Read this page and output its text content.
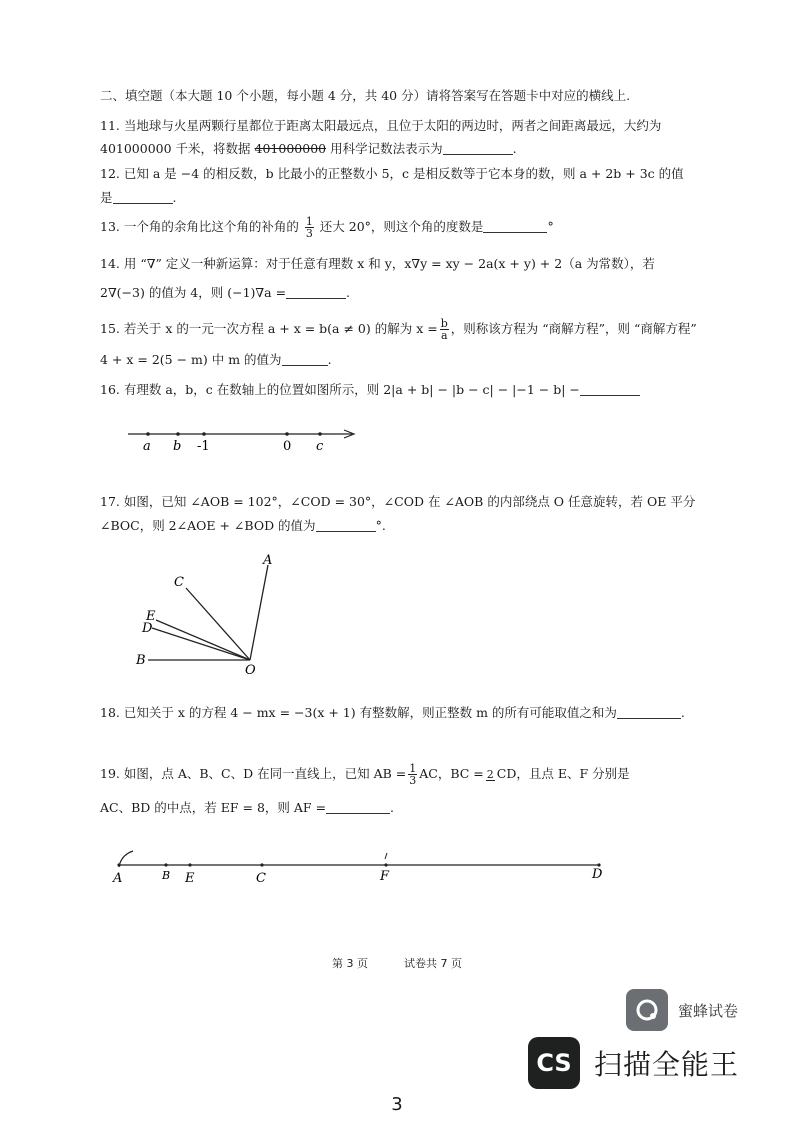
二、填空题（本大题 10 个小题，每小题 4 分，共 40 分）请将答案写在答题卡中对应的横线上.
11. 当地球与火星两颗行星都位于距离太阳最远点，且位于太阳的两边时，两者之间距离最远，大约为
401000000 千米，将数据 401000000 用科学记数法表示为	.
12. 已知 a 是 −4 的相反数，b 比最小的正整数小 5，c 是相反数等于它本身的数，则 a + 2b + 3c 的值
是	.
13. 一个角的余角比这个角的补角的 $\frac{1}{3}$ 还大 20°，则这个角的度数是	°
14. 用 “∇” 定义一种新运算：对于任意有理数 x 和 y，x∇y = xy − 2a(x + y) + 2（a 为常数），若
2∇(−3) 的值为 4，则 (−1)∇a =	.
15. 若关于 x 的一元一次方程 a + x = b(a ≠ 0) 的解为 $x = \frac{b}{a}$ ，则称该方程为 “商解方程”，则 “商解方程”
4 + x = 2(5 − m) 中 m 的值为	.
16. 有理数 a，b，c 在数轴上的位置如图所示，则 2|a + b| − |b − c| − |−1 − b| −
a b -1	0 c
17. 如图，已知 ∠AOB = 102°，∠COD = 30°，∠COD 在 ∠AOB 的内部绕点 O 任意旋转，若 OE 平分
∠BOC，则 2∠AOE + ∠BOD 的值为	°.
A
C
E
D
B
O
18. 已知关于 x 的方程 4 − mx = −3(x + 1) 有整数解，则正整数 m 的所有可能取值之和为	.
19. 如图，点 A、B、C、D 在同一直线上，已知 AB = $\frac{1}{3}$ AC，BC = 2 CD，且点 E、F 分别是
AC、BD 的中点，若 EF = 8，则 AF =	.
A	B E	C	F	D
第 3 页	试卷共 7 页
蜜蜂试卷
CS 扫描全能王
3
